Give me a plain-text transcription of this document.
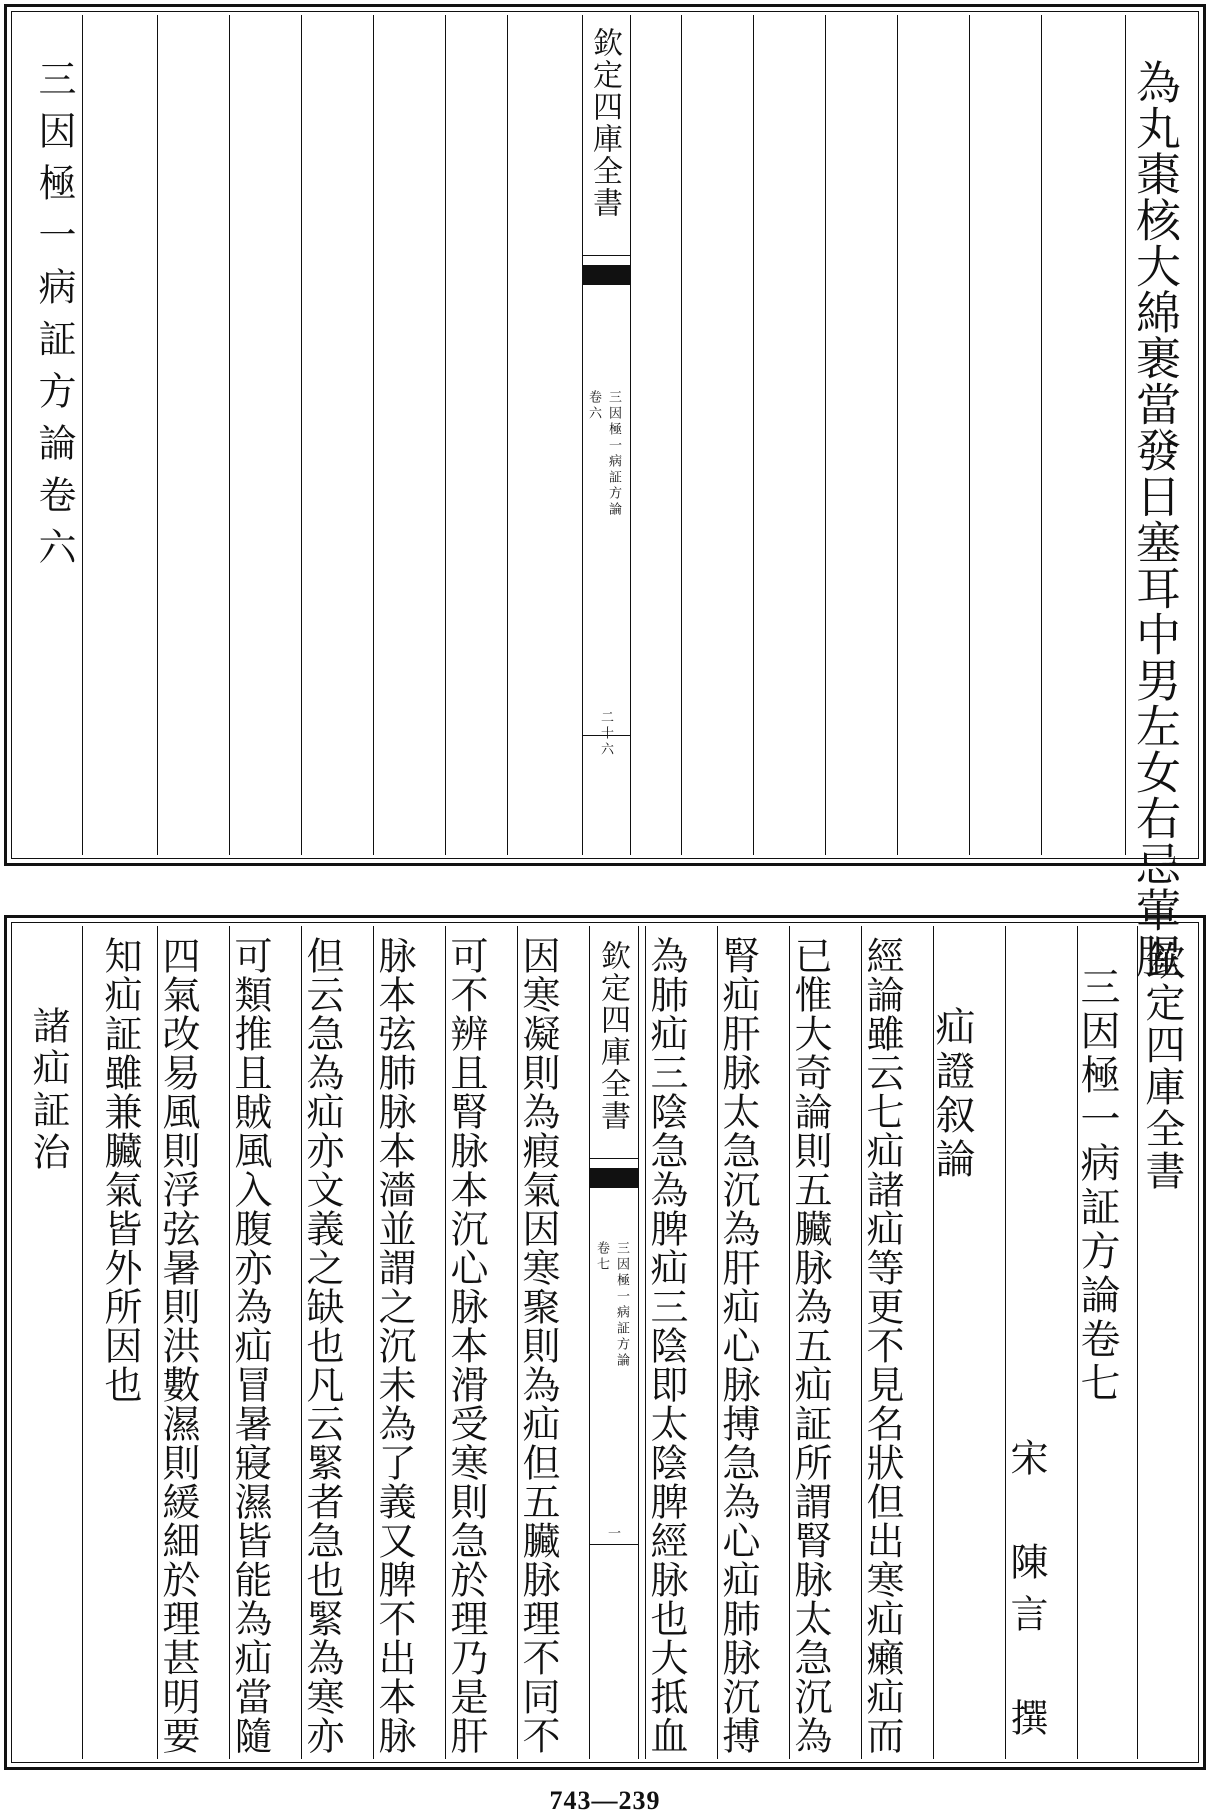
欽定四庫全書
三因極一病証方論
卷六
二十六	為丸棗核大綿裹當發日塞耳中男左女右忌葷腥
三因極一病証方論卷六
欽定四庫全書
三因極一病証方論
卷七
一
欽定四庫全書
三因極一病証方論卷七
宋　陳言　撰
疝證叙論
經論雖云七疝諸疝等更不見名狀但出寒疝癩疝而
已惟大奇論則五臟脉為五疝証所謂腎脉太急沉為
腎疝肝脉太急沉為肝疝心脉搏急為心疝肺脉沉搏
為肺疝三陰急為脾疝三陰即太陰脾經脉也大抵血
因寒凝則為瘕氣因寒聚則為疝但五臟脉理不同不
可不辨且腎脉本沉心脉本滑受寒則急於理乃是肝
脉本弦肺脉本濇並謂之沉未為了義又脾不出本脉
但云急為疝亦文義之缺也凡云緊者急也緊為寒亦
可類推且賊風入腹亦為疝冒暑寢濕皆能為疝當隨
四氣改易風則浮弦暑則洪數濕則緩細於理甚明要
知疝証雖兼臟氣皆外所因也
諸疝証治
743—239
